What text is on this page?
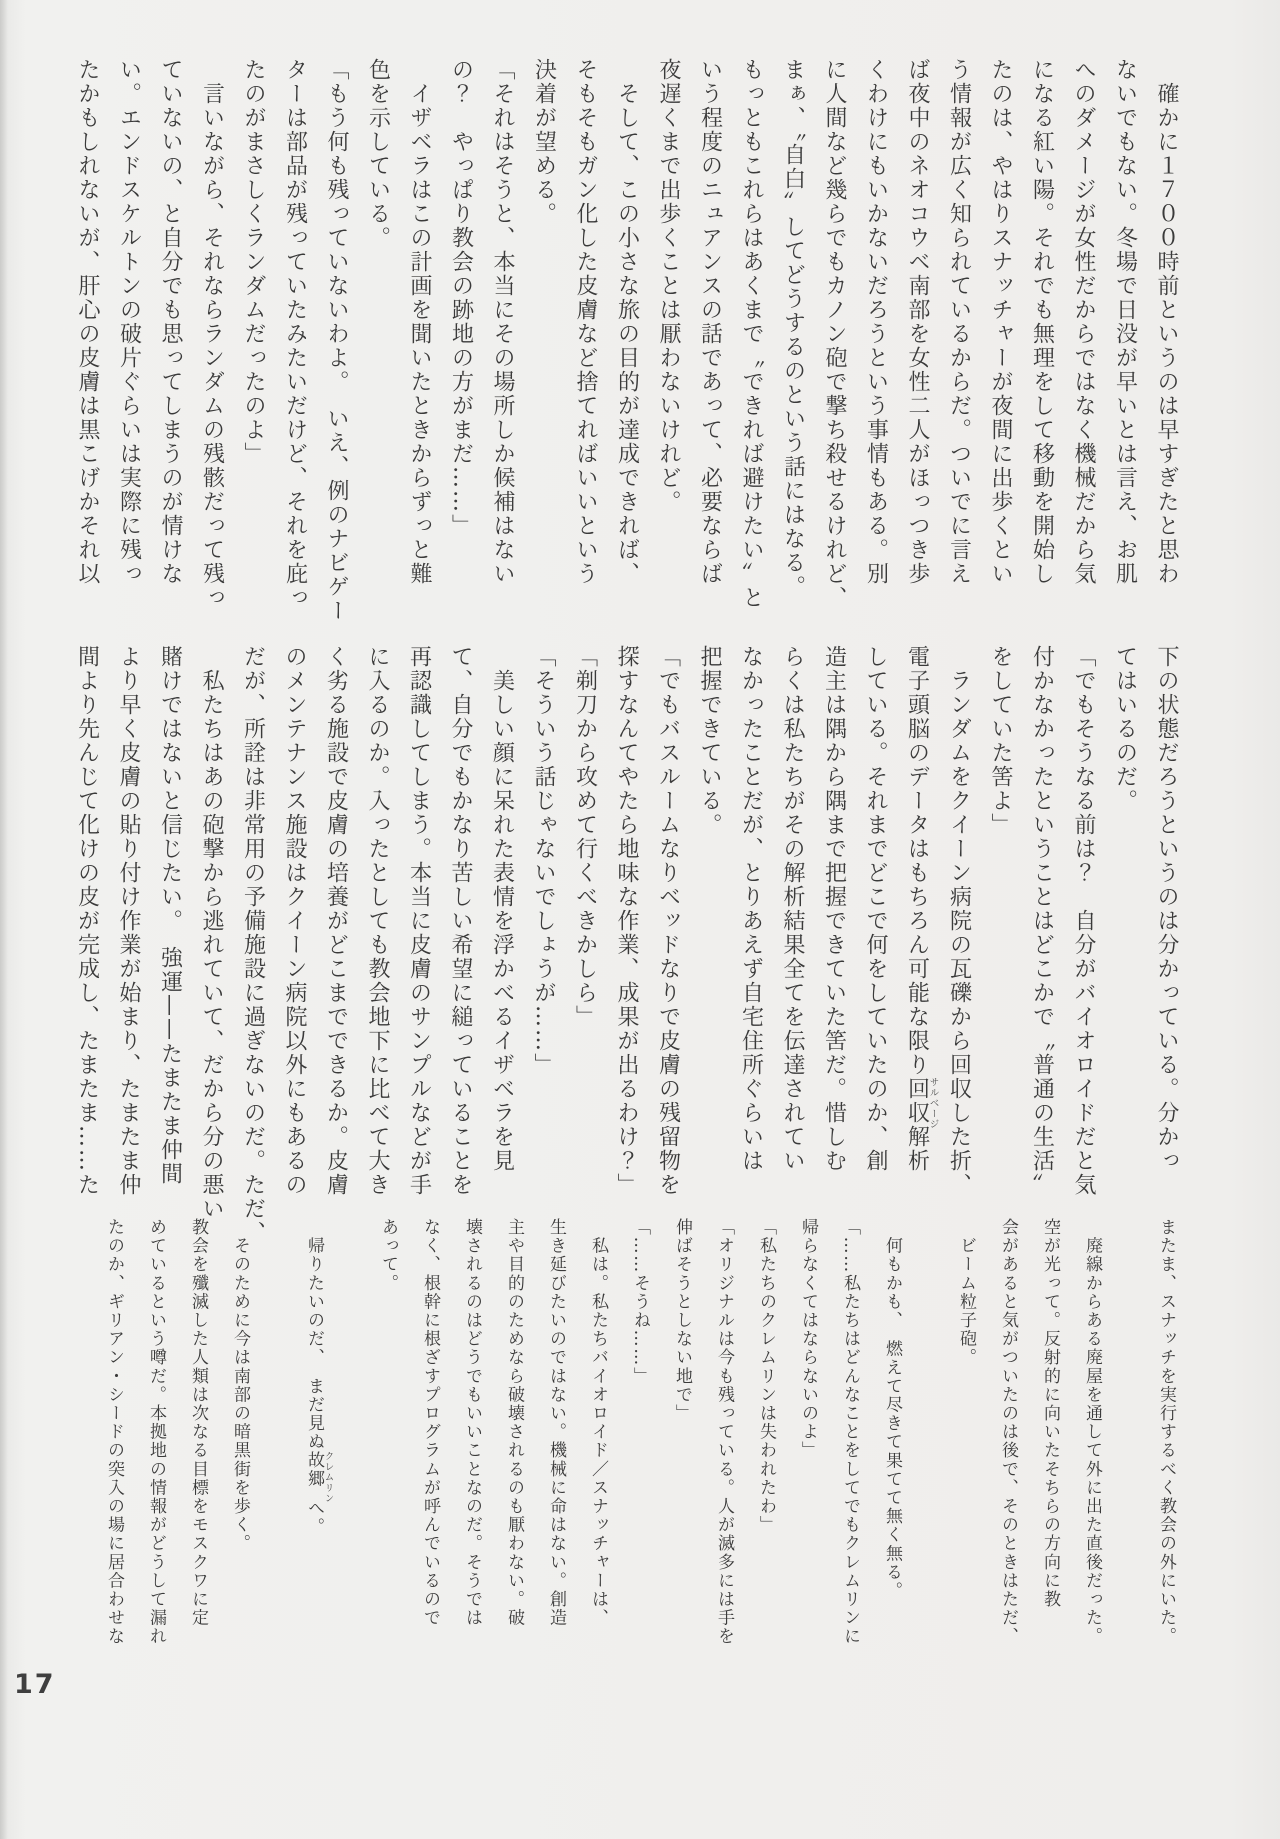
　確かに１７００時前というのは早すぎたと思わ
ないでもない。冬場で日没が早いとは言え、お肌
へのダメージが女性だからではなく機械だから気
になる紅い陽。それでも無理をして移動を開始し
たのは、やはりスナッチャーが夜間に出歩くとい
う情報が広く知られているからだ。ついでに言え
ば夜中のネオコウベ南部を女性二人がほっつき歩
くわけにもいかないだろうという事情もある。別
に人間など幾らでもカノン砲で撃ち殺せるけれど、
まぁ、〝自白〟してどうするのという話にはなる。
もっともこれらはあくまで〝できれば避けたい〟と
いう程度のニュアンスの話であって、必要ならば
夜遅くまで出歩くことは厭わないけれど。
　そして、この小さな旅の目的が達成できれば、
そもそもガン化した皮膚など捨てればいいという
決着が望める。
「それはそうと、本当にその場所しか候補はない
の？　やっぱり教会の跡地の方がまだ……」
　イザベラはこの計画を聞いたときからずっと難
色を示している。
「もう何も残っていないわよ。　いえ、例のナビゲー
ターは部品が残っていたみたいだけど、それを庇っ
たのがまさしくランダムだったのよ」
　言いながら、それならランダムの残骸だって残っ
ていないの、と自分でも思ってしまうのが情けな
い。エンドスケルトンの破片ぐらいは実際に残っ
たかもしれないが、肝心の皮膚は黒こげかそれ以
下の状態だろうというのは分かっている。分かっ
てはいるのだ。
「でもそうなる前は？　自分がバイオロイドだと気
付かなかったということはどこかで〝普通の生活〟
をしていた筈よ」
　ランダムをクイーン病院の瓦礫から回収した折、
電子頭脳のデータはもちろん可能な限り回収解析サルベージ
している。それまでどこで何をしていたのか、創
造主は隅から隅まで把握できていた筈だ。惜しむ
らくは私たちがその解析結果全てを伝達されてい
なかったことだが、とりあえず自宅住所ぐらいは
把握できている。
「でもバスルームなりベッドなりで皮膚の残留物を
探すなんてやたら地味な作業、成果が出るわけ？」
「剃刀から攻めて行くべきかしら」
「そういう話じゃないでしょうが……」
　美しい顔に呆れた表情を浮かべるイザベラを見
て、自分でもかなり苦しい希望に縋っていることを
再認識してしまう。本当に皮膚のサンプルなどが手
に入るのか。入ったとしても教会地下に比べて大き
く劣る施設で皮膚の培養がどこまでできるか。皮膚
のメンテナンス施設はクイーン病院以外にもあるの
だが、所詮は非常用の予備施設に過ぎないのだ。ただ、
　私たちはあの砲撃から逃れていて、だから分の悪い
賭けではないと信じたい。　強運——たまたま仲間
より早く皮膚の貼り付け作業が始まり、たまたま仲
間より先んじて化けの皮が完成し、たまたま……た
またま、スナッチを実行するべく教会の外にいた。
　廃線からある廃屋を通して外に出た直後だった。
空が光って。反射的に向いたそちらの方向に教
会があると気がついたのは後で、そのときはただ、
　ビーム粒子砲。
　何もかも、　燃えて尽きて果てて無く無る。
「……私たちはどんなことをしてでもクレムリンに
帰らなくてはならないのよ」
「私たちのクレムリンは失われたわ」
「オリジナルは今も残っている。人が滅多には手を
伸ばそうとしない地で」
「……そうね……」
　私は。私たちバイオロイド／スナッチャーは、
生き延びたいのではない。機械に命はない。創造
主や目的のためなら破壊されるのも厭わない。破
壊されるのはどうでもいいことなのだ。そうでは
なく、根幹に根ざすプログラムが呼んでいるので
あって。
　帰りたいのだ、　まだ見ぬ故郷クレムリンへ。
　そのために今は南部の暗黒街を歩く。
教会を殲滅した人類は次なる目標をモスクワに定
めているという噂だ。本拠地の情報がどうして漏れ
たのか、ギリアン・シードの突入の場に居合わせな
17
